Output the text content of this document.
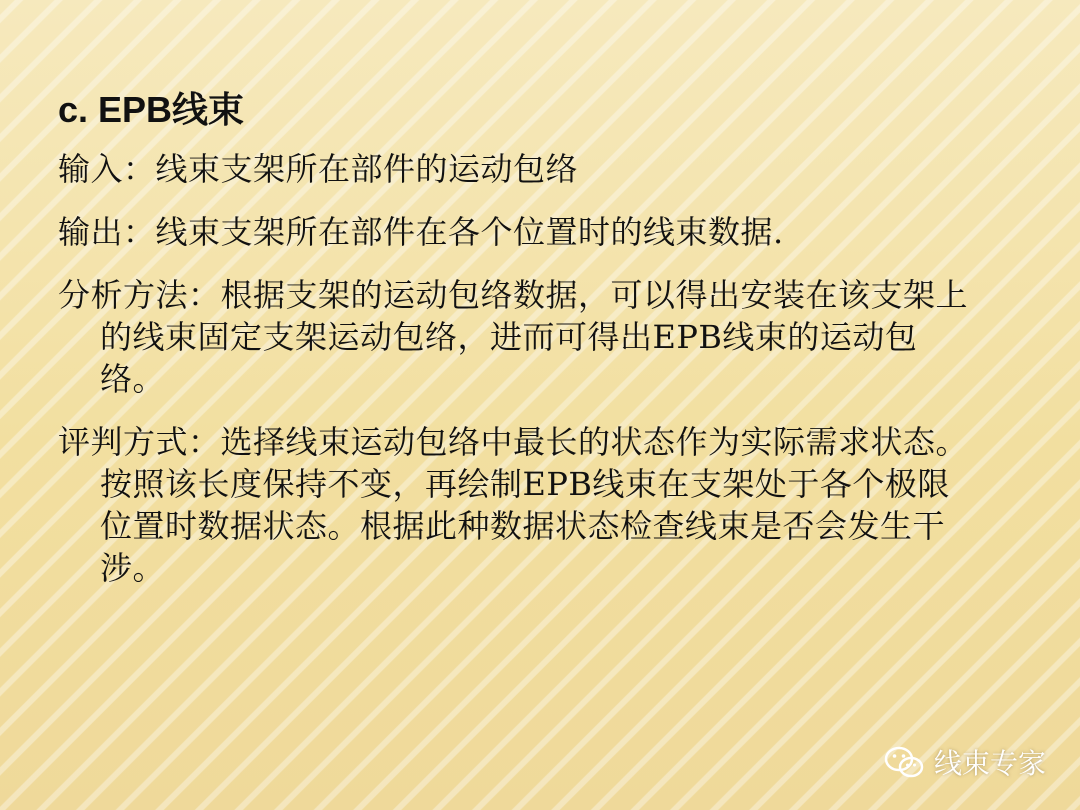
c. EPB线束

输入：线束支架所在部件的运动包络

输出：线束支架所在部件在各个位置时的线束数据.

分析方法：根据支架的运动包络数据，可以得出安装在该支架上的线束固定支架运动包络，进而可得出EPB线束的运动包络。

评判方式：选择线束运动包络中最长的状态作为实际需求状态。按照该长度保持不变，再绘制EPB线束在支架处于各个极限位置时数据状态。根据此种数据状态检查线束是否会发生干涉。

线束专家
